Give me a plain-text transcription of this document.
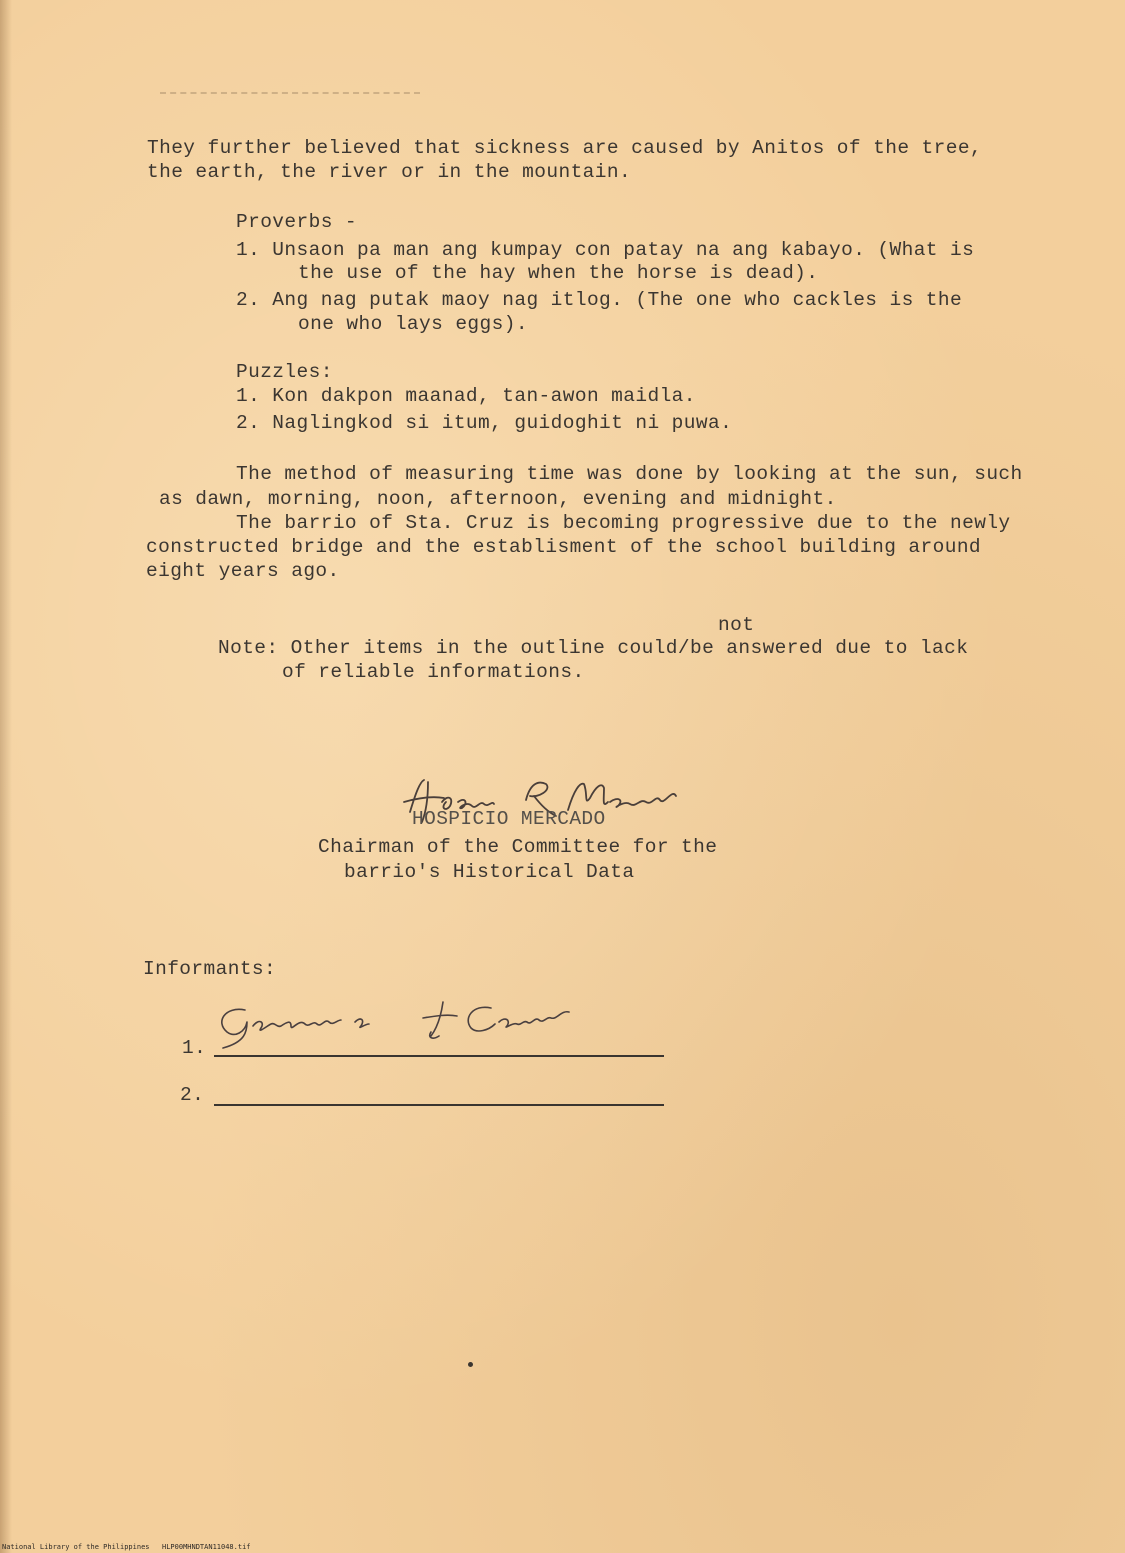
They further believed that sickness are caused by Anitos of the tree,
the earth, the river or in the mountain.
Proverbs -
1. Unsaon pa man ang kumpay con patay na ang kabayo. (What is
the use of the hay when the horse is dead).
2. Ang nag putak maoy nag itlog. (The one who cackles is the
one who lays eggs).
Puzzles:
1. Kon dakpon maanad, tan-awon maidla.
2. Naglingkod si itum, guidoghit ni puwa.
The method of measuring time was done by looking at the sun, such
as dawn, morning, noon, afternoon, evening and midnight.
The barrio of Sta. Cruz is becoming progressive due to the newly
constructed bridge and the establisment of the school building around
eight years ago.
not
Note: Other items in the outline could/be answered due to lack
of reliable informations.
HOSPICIO MERCADO
Chairman of the Committee for the
barrio's Historical Data
Informants:
1.
2.
National Library of the Philippines HLP00MHNDTAN11048.tif
